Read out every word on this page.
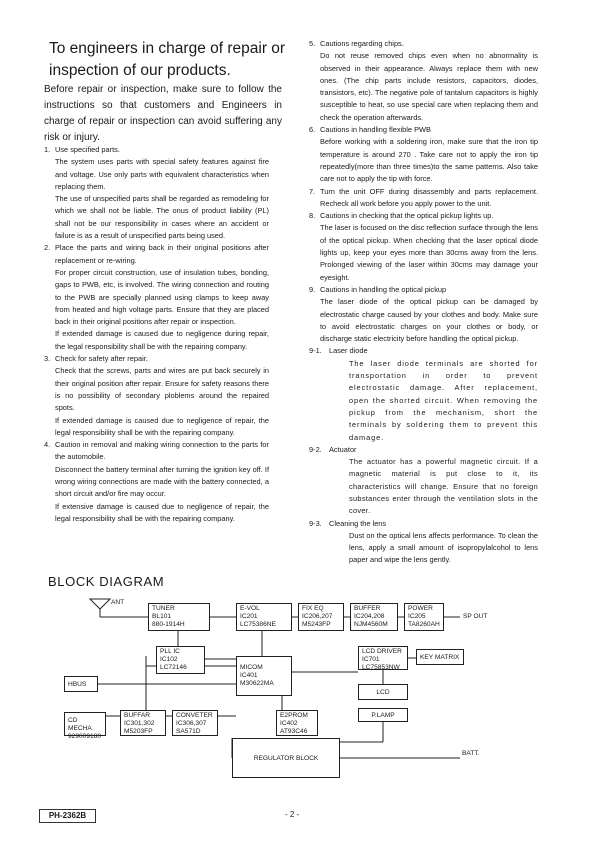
To engineers in charge of repair or inspection of our products.
Before repair or inspection, make sure to follow the instructions so that customers and Engineers in charge of repair or inspection can avoid suffering any risk or injury.
1. Use specified parts.
The system uses parts with special safety features against fire and voltage. Use only parts with equivalent characteristics when replacing them.
The use of unspecified parts shall be regarded as remodeling for which we shall not be liable. The onus of product liability (PL) shall not be our responsibility in cases where an accident or failure is as a result of unspecified parts being used.
2. Place the parts and wiring back in their original positions after replacement or re-wiring.
For proper circuit construction, use of insulation tubes, bonding, gaps to PWB, etc, is involved. The wiring connection and routing to the PWB are specially planned using clamps to keep away from heated and high voltage parts. Ensure that they are placed back in their original positions after repair or inspection.
If extended damage is caused due to negligence during repair, the legal responsibility shall be with the repairing company.
3. Check for safety after repair.
Check that the screws, parts and wires are put back securely in their original position after repair. Ensure for safety reasons there is no possibility of secondary ploblems around the repaired spots.
If extended damage is caused due to negligence of repair, the legal responsibility shall be with the repairing company.
4. Caution in removal and making wiring connection to the parts for the automobile.
Disconnect the battery terminal after turning the ignition key off. If wrong wiring connections are made with the battery connected, a short circuit and/or fire may occur.
If extensive damage is caused due to negligence of repair, the legal responsibility shall be with the repairing company.
5. Cautions regarding chips.
Do not reuse removed chips even when no abnormality is observed in their appearance. Always replace them with new ones. (The chip parts include resistors, capacitors, diodes, transistors, etc). The negative pole of tantalum capacitors is highly susceptible to heat, so use special care when replacing them and check the operation afterwards.
6. Cautions in handling flexible PWB
Before working with a soldering iron, make sure that the iron tip temperature is around 270 . Take care not to apply the iron tip repeatedly(more than three times)to the same patterns. Also take care not to apply the tip with force.
7. Turn the unit OFF during disassembly and parts replacement. Recheck all work before you apply power to the unit.
8. Cautions in checking that the optical pickup lights up.
The laser is focused on the disc reflection surface through the lens of the optical pickup. When checking that the laser optical diode lights up, keep your eyes more than 30cms away from the lens. Prolonged viewing of the laser within 30cms may damage your eyesight.
9. Cautions in handling the optical pickup
The laser diode of the optical pickup can be damaged by electrostatic charge caused by your clothes and body. Make sure to avoid electrostatic charges on your clothes or body, or discharge static electricity before handling the optical pickup.
9-1. Laser diode
The laser diode terminals are shorted for transportation in order to prevent electrostatic damage. After replacement, open the shorted circuit. When removing the pickup from the mechanism, short the terminals by soldering them to prevent this damage.
9-2. Actuator
The actuator has a powerful magnetic circuit. If a magnetic material is put close to it, its characteristics will change. Ensure that no foreign substances enter through the ventilation slots in the cover.
9-3. Cleaning the lens
Dust on the optical lens affects performance. To clean the lens, apply a small amount of isopropylalcohol to lens paper and wipe the lens gently.
BLOCK DIAGRAM
ANT
TUNER
BL101
880-1914H
E-VOL
IC201
LC75386NE
FIX EQ
IC206,207
M5243FP
BUFFER
IC204,208
NJM4560M
POWER
IC205
TA8260AH
SP OUT
PLL IC
IC102
LC72146
HBUS
MICOM
IC401
M30622MA
LCD DRIVER
IC701
LC75853NW
KEY MATRIX
CD MECHA
929009180
BUFFAR
IC301,302
M5203FP
CONVETER
IC306,307
SA571D
E2PROM
IC402
AT93C46
LCD
P.LAMP
REGULATOR BLOCK
BATT.
PH-2362B	- 2 -
